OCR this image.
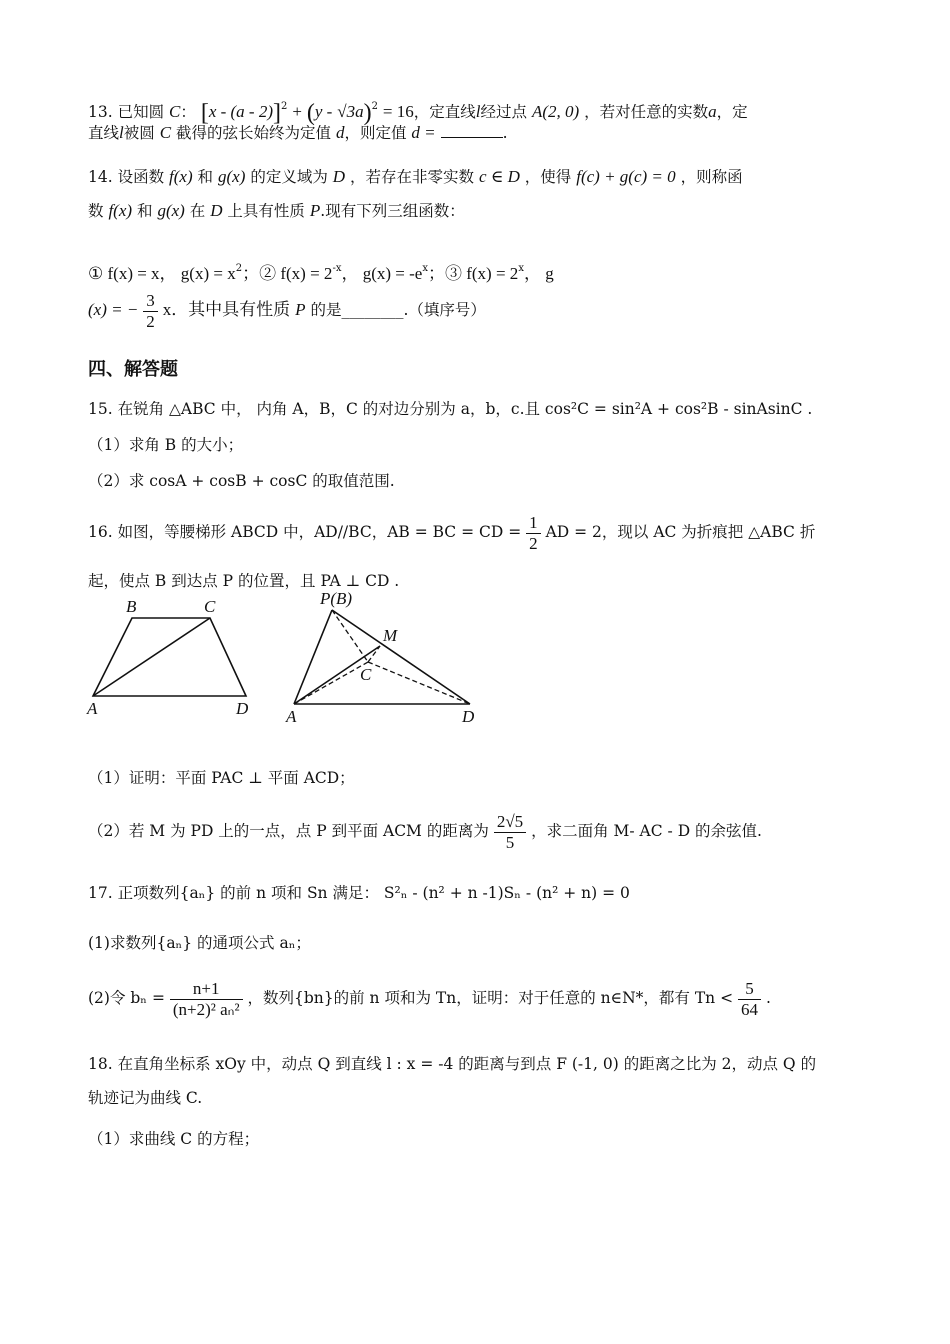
13. 已知圆 C： [x - (a - 2)]$^2$ + (y - √3a)$^2$ = 16，定直线l经过点 A(2, 0) ，若对任意的实数a，定
直线l被圆 C 截得的弦长始终为定值 d，则定值 d =	.
14. 设函数 f(x) 和 g(x) 的定义域为 D ，若存在非零实数 c ∈ D ，使得 f(c) + g(c) = 0 ，则称函
数 f(x) 和 g(x) 在 D 上具有性质 P.现有下列三组函数：
① f(x) = x， $g(x) = x^2$；② $f(x) = 2^{-x}$， $g(x) = -e^x$；③ $f(x) = 2^x$， g
(x) = − $\frac{3}{2}$ x．其中具有性质 P 的是________.（填序号）
四、解答题
15. 在锐角 △ABC 中， 内角 A，B，C 的对边分别为 a，b，c.且 cos²C = sin²A + cos²B - sinAsinC .
（1）求角 B 的大小；
（2）求 cosA + cosB + cosC 的取值范围.
16. 如图，等腰梯形 ABCD 中，AD//BC，AB = BC = CD = $\frac{1}{2}$ AD = 2，现以 AC 为折痕把 △ABC 折
起，使点 B 到达点 P 的位置，且 PA ⊥ CD .
B	C
A	D
P(B)
M
C
A	D
（1）证明：平面 PAC ⊥ 平面 ACD；
（2）若 M 为 PD 上的一点，点 P 到平面 ACM 的距离为 $\frac{2√5}{5}$ ，求二面角 M- AC - D 的余弦值.
17. 正项数列{aₙ} 的前 n 项和 Sn 满足： S²ₙ - (n² + n -1)Sₙ - (n² + n) = 0
(1)求数列{aₙ} 的通项公式 aₙ；
(2)令 $b_n = \frac{n+1}{\text{(n+2)² aₙ²}}$ ，数列{bn}的前 n 项和为 Tn，证明：对于任意的 n∈N*，都有 $Tn < \frac{5}{64}$ .
18. 在直角坐标系 xOy 中，动点 Q 到直线 l : x = -4 的距离与到点 F (-1, 0) 的距离之比为 2，动点 Q 的
轨迹记为曲线 C.
（1）求曲线 C 的方程；
